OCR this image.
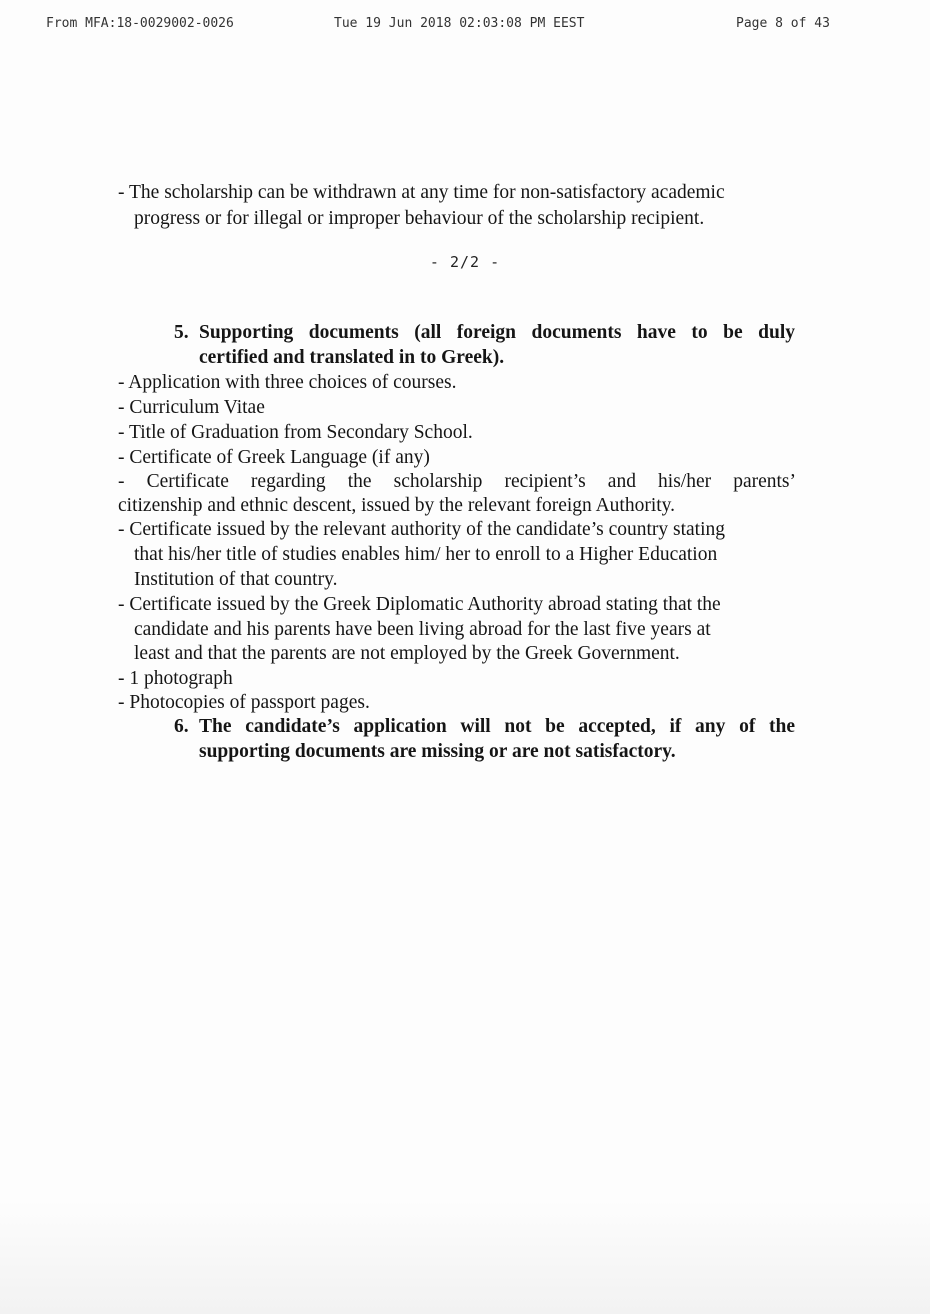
From MFA:18-0029002-0026	Tue 19 Jun 2018 02:03:08 PM EEST	Page 8 of 43
- The scholarship can be withdrawn at any time for non-satisfactory academic
progress or for illegal or improper behaviour of the scholarship recipient.
- 2/2 -
5. Supporting documents (all foreign documents have to be duly
certified and translated in to Greek).
- Application with three choices of courses.
- Curriculum Vitae
- Title of Graduation from Secondary School.
- Certificate of Greek Language (if any)
- Certificate regarding the scholarship recipient’s and his/her parents’
citizenship and ethnic descent, issued by the relevant foreign Authority.
- Certificate issued by the relevant authority of the candidate’s country stating
that his/her title of studies enables him/ her to enroll to a Higher Education
Institution of that country.
- Certificate issued by the Greek Diplomatic Authority abroad stating that the
candidate and his parents have been living abroad for the last five years at
least and that the parents are not employed by the Greek Government.
- 1 photograph
- Photocopies of passport pages.
6. The candidate’s application will not be accepted, if any of the
supporting documents are missing or are not satisfactory.
